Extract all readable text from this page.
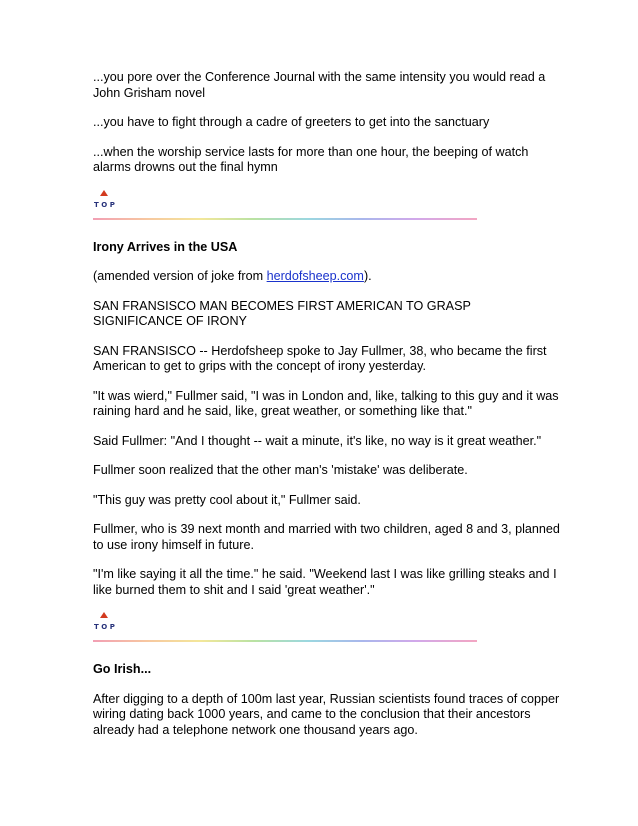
...you pore over the Conference Journal with the same intensity you would read a John Grisham novel

...you have to fight through a cadre of greeters to get into the sanctuary

...when the worship service lasts for more than one hour, the beeping of watch alarms drowns out the final hymn

TOP

Irony Arrives in the USA

(amended version of joke from herdofsheep.com).

SAN FRANSISCO MAN BECOMES FIRST AMERICAN TO GRASP SIGNIFICANCE OF IRONY

SAN FRANSISCO -- Herdofsheep spoke to Jay Fullmer, 38, who became the first American to get to grips with the concept of irony yesterday.

"It was wierd," Fullmer said, "I was in London and, like, talking to this guy and it was raining hard and he said, like, great weather, or something like that."

Said Fullmer: "And I thought -- wait a minute, it's like, no way is it great weather."

Fullmer soon realized that the other man's 'mistake' was deliberate.

"This guy was pretty cool about it," Fullmer said.

Fullmer, who is 39 next month and married with two children, aged 8 and 3, planned to use irony himself in future.

"I'm like saying it all the time." he said. "Weekend last I was like grilling steaks and I like burned them to shit and I said 'great weather'."

TOP

Go Irish...

After digging to a depth of 100m last year, Russian scientists found traces of copper wiring dating back 1000 years, and came to the conclusion that their ancestors already had a telephone network one thousand years ago.
